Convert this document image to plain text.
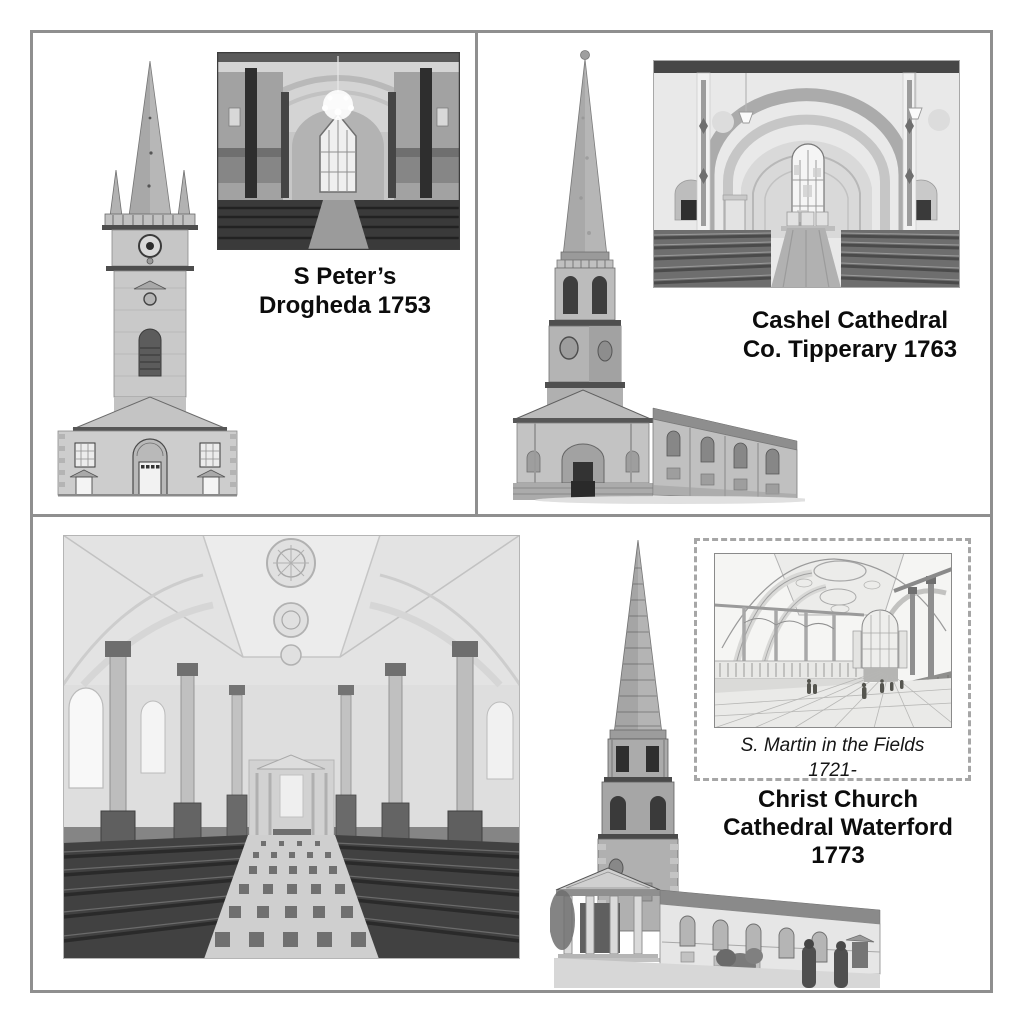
S Peter’s
Drogheda 1753
Cashel Cathedral
Co. Tipperary 1763
S. Martin in the Fields
1721-
Christ Church
Cathedral Waterford
1773
